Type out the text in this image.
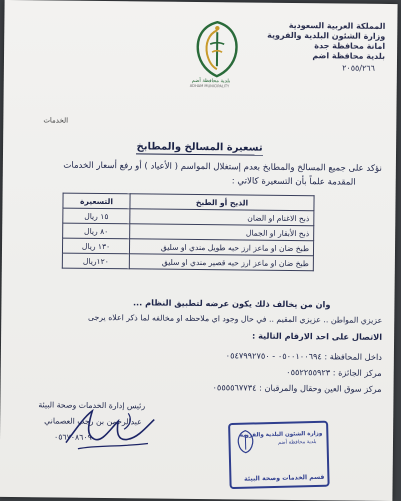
المملكة العربية السعودية
وزارة الشئون البلدية والقروية
امانة محافظة جدة
بلدية محافظة اضم
٢٠٥٥/٢٦٦
بلدية محافظة أضم
ADHAM MUNICIPALITY
الخدمات
تسعيرة المسالخ والمطابخ
نؤكد على جميع المسالخ والمطابخ بعدم إستغلال المواسم ( الأعياد ) أو رفع أسعار الخدمات
المقدمة علماً بأن التسعيرة كالاتي :
الذبح أو الطبخ	التسعيرة
ذبح الاغنام او الضان	١٥ ريال
ذبح الأبقار او الجمال	٨٠ ريال
طبخ ضان او ماعز ارز حبه طويل مندي او سليق	١٣٠ ريال
طبخ ضان او ماعز ارز حبه قصير مندي او سليق	١٢٠ريال
وان من يخالف ذلك يكون عرضه لتطبيق النظام ...
عزيزي المواطن .. عزيزي المقيم .. في حال وجود اي ملاحظه او مخالفه لما ذكر اعلاه يرجى
الاتصال على احد الارقام التالية :
داخل المحافظة : ٠٥٠٠١٠٠٦٩٤ - ٠٥٤٧٩٩٢٧٥٠
مركز الجائزة : ٠٥٥٢٢٥٥٩٢٣
مركز سوق العين وحقال والمرقبان : ٠٥٥٥٥٦٧٧٣٤
رئيس إدارة الخدمات وصحة البيئة
عبدالرحمن بن رجب العصماني
٠٥٦٧٠٨٦٠٩	وزارة الشئون البلدية والقروية
بلدية محافظة أضم
قسم الخدمات وصحة البيئة
